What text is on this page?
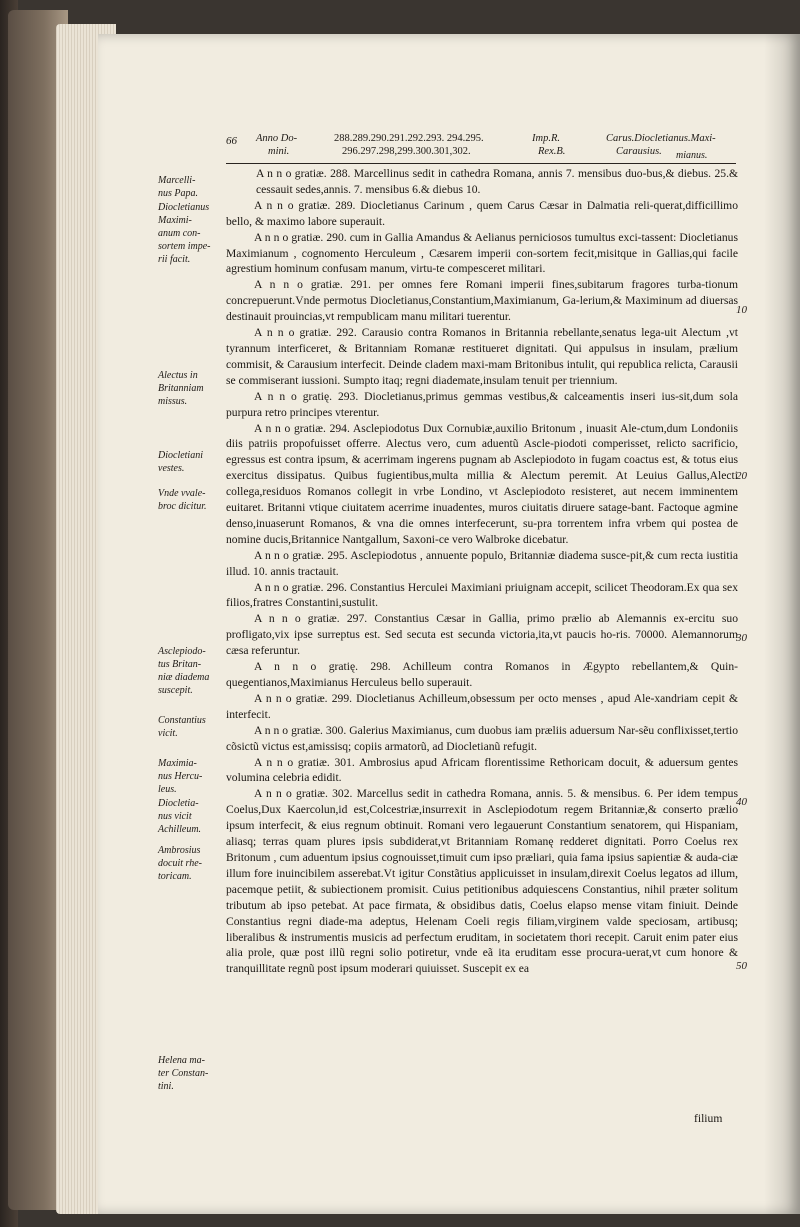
66 Anno Do-
mini.
288.289.290.291.292.293. 294.295.
296.297.298,299.300.301,302.
Imp.R.
Rex.B.
Carus.Diocletianus.Maxi-
Carausius. mianus.
Marcelli-
nus Papa.
Diocletianus
Maximi-
anum con-
sortem impe-
rii facit.
Alectus in
Britanniam
missus.
Diocletiani
vestes.
Vnde vvale-
broc dicitur.
Asclepiodo-
tus Britan-
niæ diadema
suscepit.
Constantius
vicit.
Maximia-
nus Hercu-
leus.
Diocletia-
nus vicit
Achilleum.
Ambrosius
docuit rhe-
toricam.
Helena ma-
ter Constan-
tini.
10
20
30
40
50

A n n o gratiæ. 288. Marcellinus sedit in cathedra Romana, annis 7. mensibus duo-bus,& diebus. 25.& cessauit sedes,annis. 7. mensibus 6.& diebus 10.

A n n o gratiæ. 289. Diocletianus Carinum , quem Carus Cæsar in Dalmatia reli-querat,difficillimo bello, & maximo labore superauit.

A n n o gratiæ. 290. cum in Gallia Amandus & Aelianus perniciosos tumultus exci-tassent: Diocletianus Maximianum , cognomento Herculeum , Cæsarem imperii con-sortem fecit,misitque in Gallias,qui facile agrestium hominum confusam manum, virtu-te compesceret militari.

A n n o gratiæ. 291. per omnes fere Romani imperii fines,subitarum fragores turba-tionum concrepuerunt.Vnde permotus Diocletianus,Constantium,Maximianum, Ga-lerium,& Maximinum ad diuersas destinauit prouincias,vt rempublicam manu militari tuerentur.

A n n o gratiæ. 292. Carausio contra Romanos in Britannia rebellante,senatus lega-uit Alectum ,vt tyrannum interficeret, & Britanniam Romanæ restitueret dignitati. Qui appulsus in insulam, prælium commisit, & Carausium interfecit. Deinde cladem maxi-mam Britonibus intulit, qui republica relicta, Carausii se commiserant iussioni. Sumpto itaq; regni diademate,insulam tenuit per triennium.

A n n o gratię. 293. Diocletianus,primus gemmas vestibus,& calceamentis inseri ius-sit,dum sola purpura retro principes vterentur.

A n n o gratiæ. 294. Asclepiodotus Dux Cornubiæ,auxilio Britonum , inuasit Ale-ctum,dum Londoniis diis patriis propofuisset offerre. Alectus vero, cum aduentũ Ascle-piodoti comperisset, relicto sacrificio, egressus est contra ipsum, & acerrimam ingerens pugnam ab Asclepiodoto in fugam coactus est, & totus eius exercitus dissipatus. Quibus fugientibus,multa millia & Alectum peremit. At Leuius Gallus,Alecti collega,residuos Romanos collegit in vrbe Londino, vt Asclepiodoto resisteret, aut necem imminentem euitaret. Britanni vtique ciuitatem acerrime inuadentes, muros ciuitatis diruere satage-bant. Factoque agmine denso,inuaserunt Romanos, & vna die omnes interfecerunt, su-pra torrentem infra vrbem qui postea de nomine ducis,Britannice Nantgallum, Saxoni-ce vero Walbroke dicebatur.

A n n o gratiæ. 295. Asclepiodotus , annuente populo, Britanniæ diadema susce-pit,& cum recta iustitia illud. 10. annis tractauit.

A n n o gratiæ. 296. Constantius Herculei Maximiani priuignam accepit, scilicet Theodoram.Ex qua sex filios,fratres Constantini,sustulit.

A n n o gratiæ. 297. Constantius Cæsar in Gallia, primo prælio ab Alemannis ex-ercitu suo profligato,vix ipse surreptus est. Sed secuta est secunda victoria,ita,vt paucis ho-ris. 70000. Alemannorum cæsa referuntur.

A n n o gratię. 298. Achilleum contra Romanos in Ægypto rebellantem,& Quin-quegentianos,Maximianus Herculeus bello superauit.

A n n o gratiæ. 299. Diocletianus Achilleum,obsessum per octo menses , apud Ale-xandriam cepit & interfecit.

A n n o gratiæ. 300. Galerius Maximianus, cum duobus iam præliis aduersum Nar-sẽu conflixisset,tertio cõsictũ victus est,amissisq; copiis armatorũ, ad Diocletianũ refugit.

A n n o gratiæ. 301. Ambrosius apud Africam florentissime Rethoricam docuit, & aduersum gentes volumina celebria edidit.

A n n o gratiæ. 302. Marcellus sedit in cathedra Romana, annis. 5. & mensibus. 6. Per idem tempus Coelus,Dux Kaercolun,id est,Colcestriæ,insurrexit in Asclepiodotum regem Britanniæ,& conserto prælio ipsum interfecit, & eius regnum obtinuit. Romani vero legauerunt Constantium senatorem, qui Hispaniam, aliasq; terras quam plures ipsis subdiderat,vt Britanniam Romanę redderet dignitati. Porro Coelus rex Britonum , cum aduentum ipsius cognouisset,timuit cum ipso præliari, quia fama ipsius sapientiæ & auda-ciæ illum fore inuincibilem asserebat.Vt igitur Constãtius applicuisset in insulam,direxit Coelus legatos ad illum, pacemque petiit, & subiectionem promisit. Cuius petitionibus adquiescens Constantius, nihil præter solitum tributum ab ipso petebat. At pace firmata, & obsidibus datis, Coelus elapso mense vitam finiuit. Deinde Constantius regni diade-ma adeptus, Helenam Coeli regis filiam,virginem valde speciosam, artibusq; liberalibus & instrumentis musicis ad perfectum eruditam, in societatem thori recepit. Caruit enim pater eius alia prole, quæ post illũ regni solio potiretur, vnde eã ita eruditam esse procura-uerat,vt cum honore & tranquillitate regnũ post ipsum moderari quiuisset. Suscepit ex ea

filium
